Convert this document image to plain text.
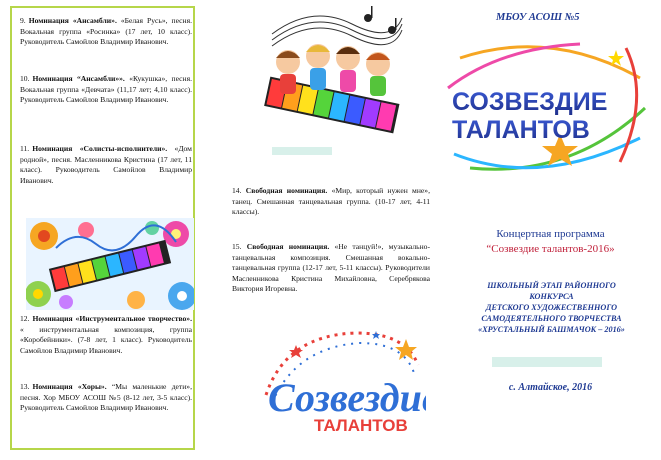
9. Номинация «Ансамбли». «Белая Русь», песня. Вокальная группа «Росинка» (17 лет, 10 класс). Руководитель Самойлов Владимир Иванович.
10. Номинация “Ансамбли»». «Кукушка», песня. Вокальная группа «Девчата» (11,17 лет; 4,10 класс). Руководитель Самойлов Владимир Иванович.
11. Номинация «Солисты-исполнители». «Дом родной», песня. Масленникова Кристина (17 лет, 11 класс). Руководитель Самойлов Владимир Иванович.
12. Номинация «Инструментальное творчество». « инструментальная композиция, группа «Коробейники». (7-8 лет, 1 класс). Руководитель Самойлов Владимир Иванович.
13. Номинация «Хоры». “Мы маленькие дети», песня. Хор МБОУ АСОШ №5 (8-12 лет, 3-5 класс). Руководитель Самойлов Владимир Иванович.
14. Свободная номинация. «Мир, который нужен мне», танец. Смешанная танцевальная группа. (10-17 лет, 4-11 классы).
15. Свободная номинация. «Не танцуй!», музыкально-танцевальная композиция. Смешанная вокально-танцевальная группа (12-17 лет, 5-11 классы). Руководители Масленникова Кристина Михайловна, Серебрякова Виктория Игоревна.
Созвездие
ТАЛАНТОВ
МБОУ АСОШ №5
СОЗВЕЗДИЕ
ТАЛАНТОВ
Концертная программа
“Созвездие талантов-2016»
ШКОЛЬНЫЙ ЭТАП РАЙОННОГО
КОНКУРСА
ДЕТСКОГО ХУДОЖЕСТВЕННОГО
САМОДЕЯТЕЛЬНОГО ТВОРЧЕСТВА
«ХРУСТАЛЬНЫЙ БАШМАЧОК – 2016»
с. Алтайское, 2016
